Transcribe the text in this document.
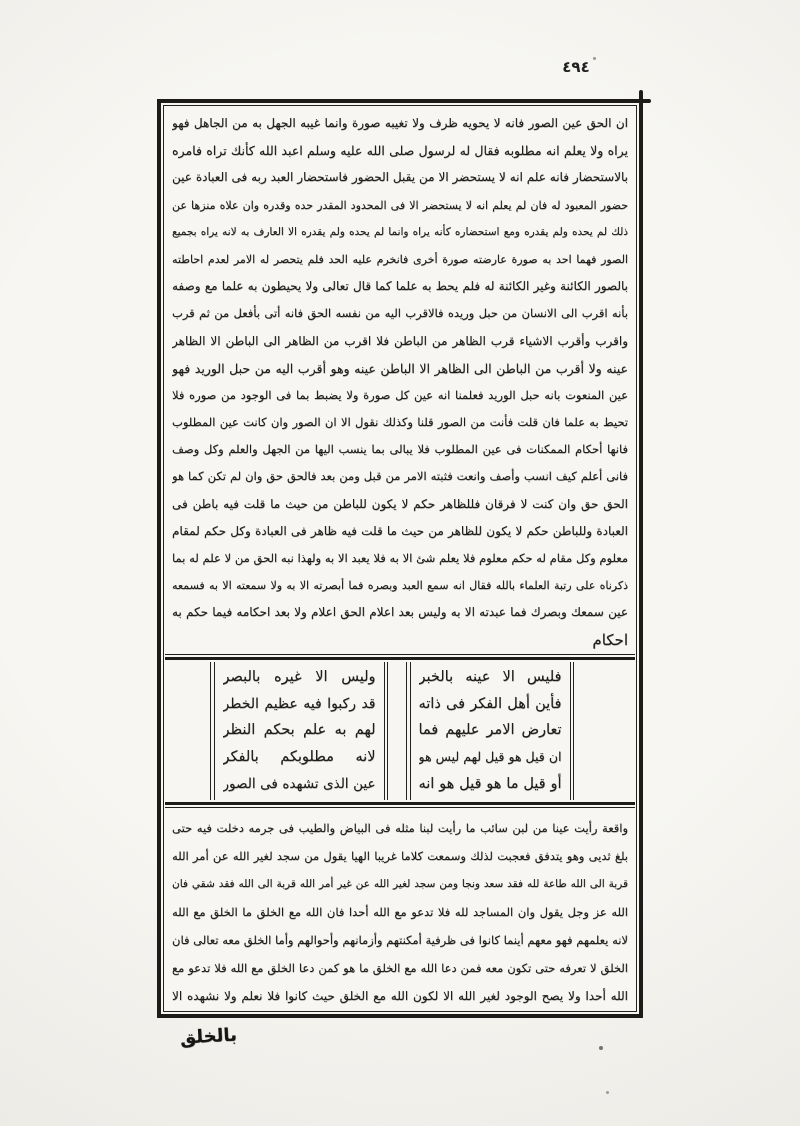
٤٩٤
ان الحق عين الصور فانه لا يحويه ظرف ولا تغيبه صورة وانما غيبه الجهل به من الجاهل فهو
يراه ولا يعلم انه مطلوبه فقال له لرسول صلى الله عليه وسلم اعبد الله كأنك تراه فامره
بالاستحضار فانه علم انه لا يستحضر الا من يقبل الحضور فاستحضار العبد ربه فى العبادة عين
حضور المعبود له فان لم يعلم انه لا يستحضر الا فى المحدود المقدر حده وقدره وان علاه منزها عن
ذلك لم يحده ولم يقدره ومع استحضاره كأنه يراه وانما لم يحده ولم يقدره الا العارف به لانه يراه بجميع
الصور فهما احد به صورة عارضته صورة أخرى فانخرم عليه الحد فلم يتحصر له الامر لعدم احاطته
بالصور الكائنة وغير الكائنة له فلم يحط به علما كما قال تعالى ولا يحيطون به علما مع وصفه
بأنه اقرب الى الانسان من حبل وريده فالاقرب اليه من نفسه الحق فانه أتى بأفعل من ثم قرب
واقرب وأقرب الاشياء قرب الظاهر من الباطن فلا اقرب من الظاهر الى الباطن الا الظاهر
عينه ولا أقرب من الباطن الى الظاهر الا الباطن عينه وهو أقرب اليه من حبل الوريد فهو
عين المنعوت بانه حبل الوريد فعلمنا انه عين كل صورة ولا يضبط بما فى الوجود من صوره فلا
تحيط به علما فان قلت فأنت من الصور قلنا وكذلك نقول الا ان الصور وان كانت عين المطلوب
فانها أحكام الممكنات فى عين المطلوب فلا يبالى بما ينسب اليها من الجهل والعلم وكل وصف
فانى أعلم كيف انسب وأصف وانعت فثبته الامر من قبل ومن بعد فالحق حق وان لم تكن كما هو
الحق حق وان كنت لا فرقان فللظاهر حكم لا يكون للباطن من حيث ما قلت فيه باطن فى
العبادة وللباطن حكم لا يكون للظاهر من حيث ما قلت فيه ظاهر فى العبادة وكل حكم لمقام
معلوم وكل مقام له حكم معلوم فلا يعلم شئ الا به فلا يعبد الا به ولهذا نبه الحق من لا علم له بما
ذكرناه على رتبة العلماء بالله فقال انه سمع العبد وبصره فما أبصرته الا به ولا سمعته الا به فسمعه
عين سمعك وبصرك فما عبدته الا به وليس بعد اعلام الحق اعلام ولا بعد احكامه فيما حكم به
احكام
فليس الا عينه بالخبر
فأين أهل الفكر فى ذاته
تعارض الامر عليهم فما
ان قيل هو قيل لهم ليس هو
أو قيل ما هو قيل هو انه
وليس الا غيره بالبصر
قد ركبوا فيه عظيم الخطر
لهم به علم بحكم النظر
لانه مطلوبكم بالفكر
عين الذى تشهده فى الصور
واقعة رأيت عينا من لبن سائب ما رأيت لبنا مثله فى البياض والطيب فى جرمه دخلت فيه حتى
بلغ ثديى وهو يتدفق فعجبت لذلك وسمعت كلاما غريبا الهيا يقول من سجد لغير الله عن أمر الله
قربة الى الله طاعة لله فقد سعد ونجا ومن سجد لغير الله عن غير أمر الله قربة الى الله فقد شقي فان
الله عز وجل يقول وان المساجد لله فلا تدعو مع الله أحدا فان الله مع الخلق ما الخلق مع الله
لانه يعلمهم فهو معهم أينما كانوا فى ظرفية أمكنتهم وأزمانهم وأحوالهم وأما الخلق معه تعالى فان
الخلق لا تعرفه حتى تكون معه فمن دعا الله مع الخلق ما هو كمن دعا الخلق مع الله فلا تدعو مع
الله أحدا ولا يصح الوجود لغير الله الا لكون الله مع الخلق حيث كانوا فلا نعلم ولا نشهده الا
بالخلق
